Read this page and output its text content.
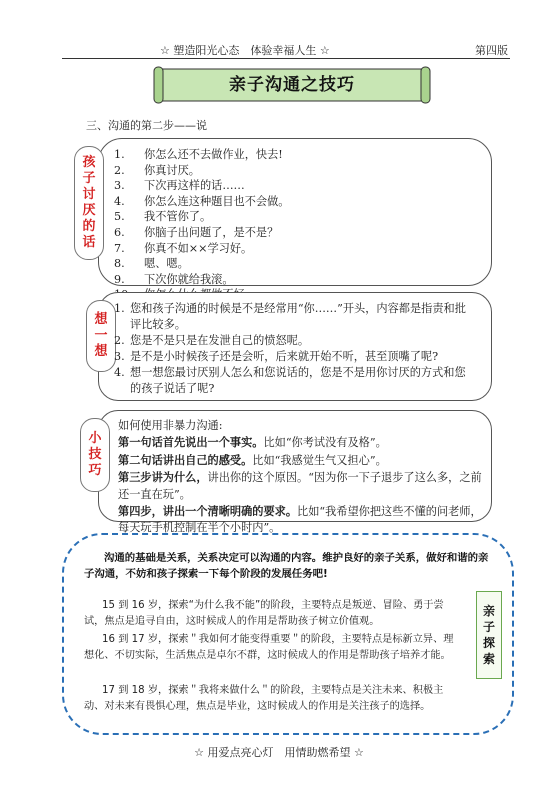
☆ 塑造阳光心态　体验幸福人生 ☆	第四版
亲子沟通之技巧
三、沟通的第二步——说
孩
子
讨
厌
的
话
1. 你怎么还不去做作业，快去!
2. 你真讨厌。
3. 下次再这样的话……
4. 你怎么连这种题目也不会做。
5. 我不管你了。
6. 你脑子出问题了，是不是？
7. 你真不如××学习好。
8. 嗯、嗯。
9. 下次你就给我滚。
想
一
想
1. 您和孩子沟通的时候是不是经常用“你……”开头，内容都是指责和批评比较多。
2. 您是不是只是在发泄自己的愤怒呢。
3. 是不是小时候孩子还是会听，后来就开始不听，甚至顶嘴了呢?
4. 想一想您最讨厌别人怎么和您说话的，您是不是用你讨厌的方式和您的孩子说话了呢?
小
技
巧
如何使用非暴力沟通:
第一句话首先说出一个事实。比如“你考试没有及格”。
第二句话讲出自己的感受。比如“我感觉生气又担心”。
第三步讲为什么，讲出你的这个原因。“因为你一下子退步了这么多，之前还一直在玩”。
第四步，讲出一个清晰明确的要求。比如“我希望你把这些不懂的问老师，每天玩手机控制在半个小时内”。
沟通的基础是关系，关系决定可以沟通的内容。维护良好的亲子关系，做好和谐的亲子沟通，不妨和孩子探索一下每个阶段的发展任务吧!
15 到 16 岁，探索“为什么我不能”的阶段，主要特点是叛逆、冒险、勇于尝试，焦点是追寻自由，这时候成人的作用是帮助孩子树立价值观。
16 到 17 岁，探索＂我如何才能变得重要＂的阶段，主要特点是标新立异、理想化、不切实际，生活焦点是卓尔不群，这时候成人的作用是帮助孩子培养才能。
17 到 18 岁，探索＂我将来做什么＂的阶段，主要特点是关注未来、积极主动、对未来有畏惧心理，焦点是毕业，这时候成人的作用是关注孩子的选择。
亲
子
探
索
☆ 用爱点亮心灯　用情助燃希望 ☆
